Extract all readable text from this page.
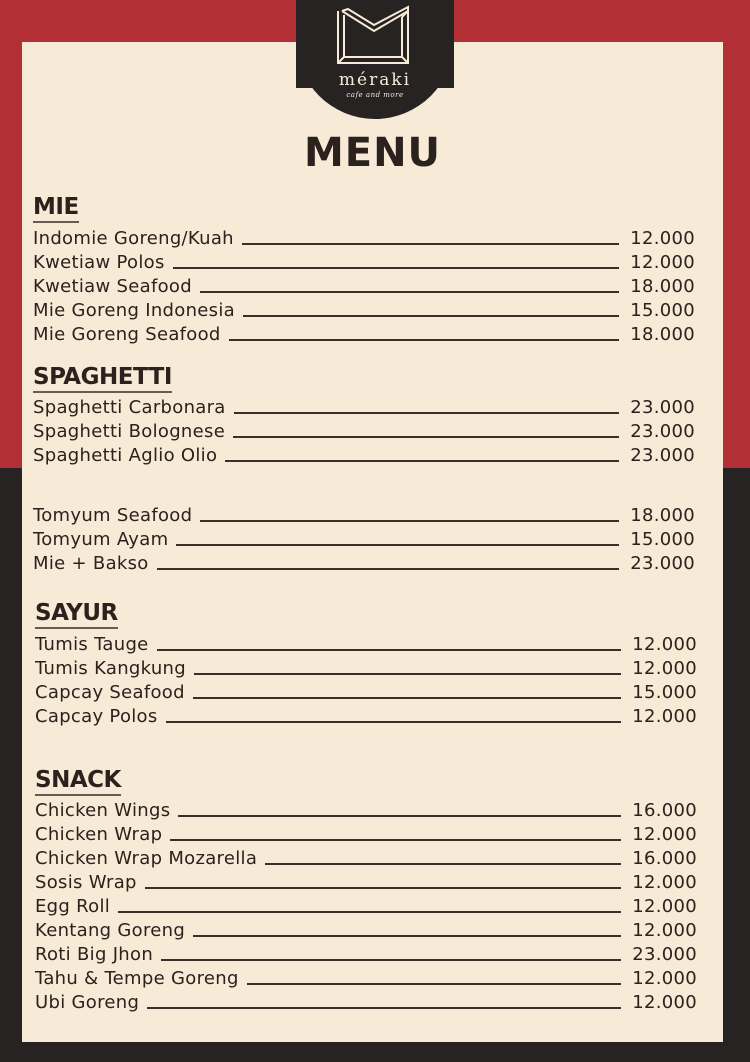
méraki
cafe and more
MENU
MIE
Indomie Goreng/Kuah	12.000
Kwetiaw Polos	12.000
Kwetiaw Seafood	18.000
Mie Goreng Indonesia	15.000
Mie Goreng Seafood	18.000
SPAGHETTI
Spaghetti Carbonara	23.000
Spaghetti Bolognese	23.000
Spaghetti Aglio Olio	23.000
Tomyum Seafood	18.000
Tomyum Ayam	15.000
Mie + Bakso	23.000
SAYUR
Tumis Tauge	12.000
Tumis Kangkung	12.000
Capcay Seafood	15.000
Capcay Polos	12.000
SNACK
Chicken Wings	16.000
Chicken Wrap	12.000
Chicken Wrap Mozarella	16.000
Sosis Wrap	12.000
Egg Roll	12.000
Kentang Goreng	12.000
Roti Big Jhon	23.000
Tahu & Tempe Goreng	12.000
Ubi Goreng	12.000
